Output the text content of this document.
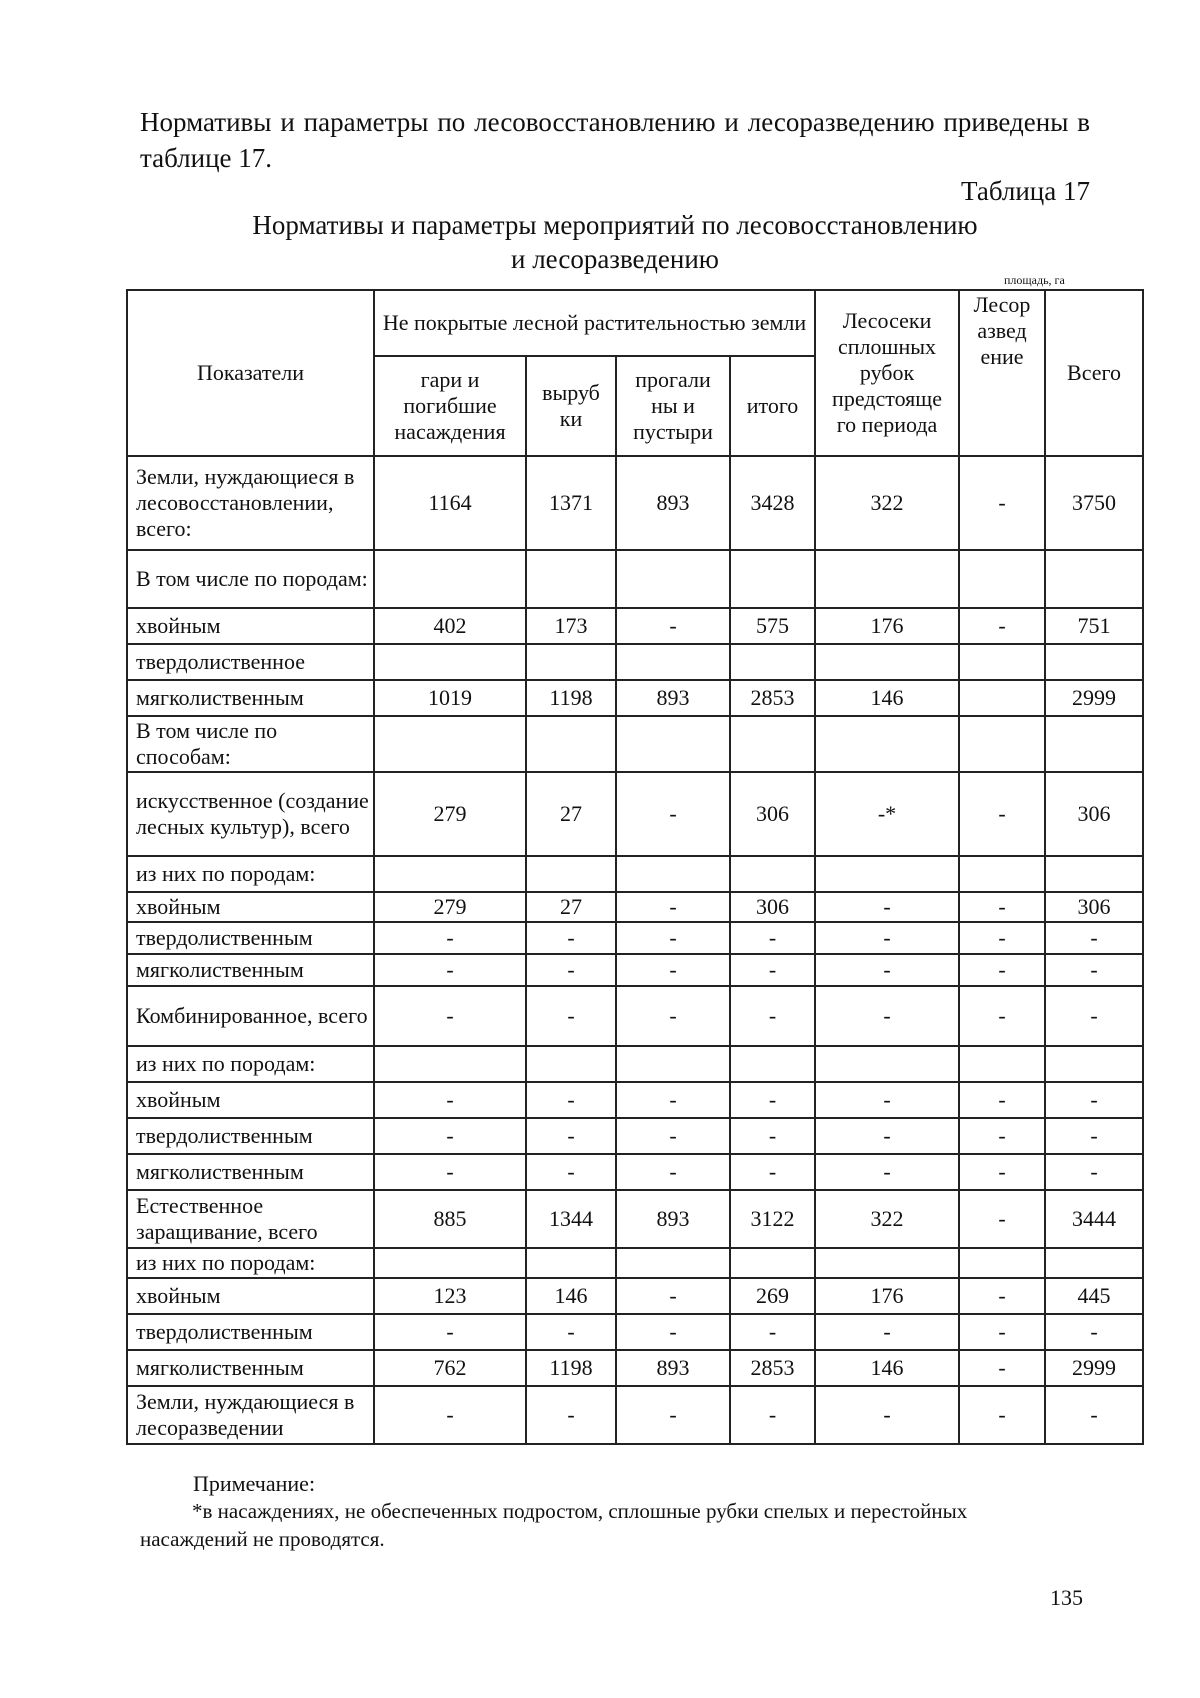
Нормативы и параметры по лесовосстановлению и лесоразведению приведены в таблице 17.
Таблица 17
Нормативы и параметры мероприятий по лесовосстановлению
и лесоразведению
площадь, га
Показатели	Не покрытые лесной растительностью земли				Лесосеки сплошных рубок предстояще го периода	Лесор азвед ение	Всего
	гари и погибшие насаждения	выруб ки	прогали ны и пустыри	итого			
Земли, нуждающиеся в лесовосстановлении, всего:	1164	1371	893	3428	322	-	3750
В том числе по породам:							
хвойным	402	173	-	575	176	-	751
твердолиственное							
мягколиственным	1019	1198	893	2853	146		2999
В том числе по способам:							
искусственное (создание лесных культур), всего	279	27	-	306	-*	-	306
из них по породам:							
хвойным	279	27	-	306	-	-	306
твердолиственным	-	-	-	-	-	-	-
мягколиственным	-	-	-	-	-	-	-
Комбинированное, всего	-	-	-	-	-	-	-
из них по породам:							
хвойным	-	-	-	-	-	-	-
твердолиственным	-	-	-	-	-	-	-
мягколиственным	-	-	-	-	-	-	-
Естественное заращивание, всего	885	1344	893	3122	322	-	3444
из них по породам:							
хвойным	123	146	-	269	176	-	445
твердолиственным	-	-	-	-	-	-	-
мягколиственным	762	1198	893	2853	146	-	2999
Земли, нуждающиеся в лесоразведении	-	-	-	-	-	-	-
Примечание:
*в насаждениях, не обеспеченных подростом, сплошные рубки спелых и перестойных насаждений не проводятся.
135
